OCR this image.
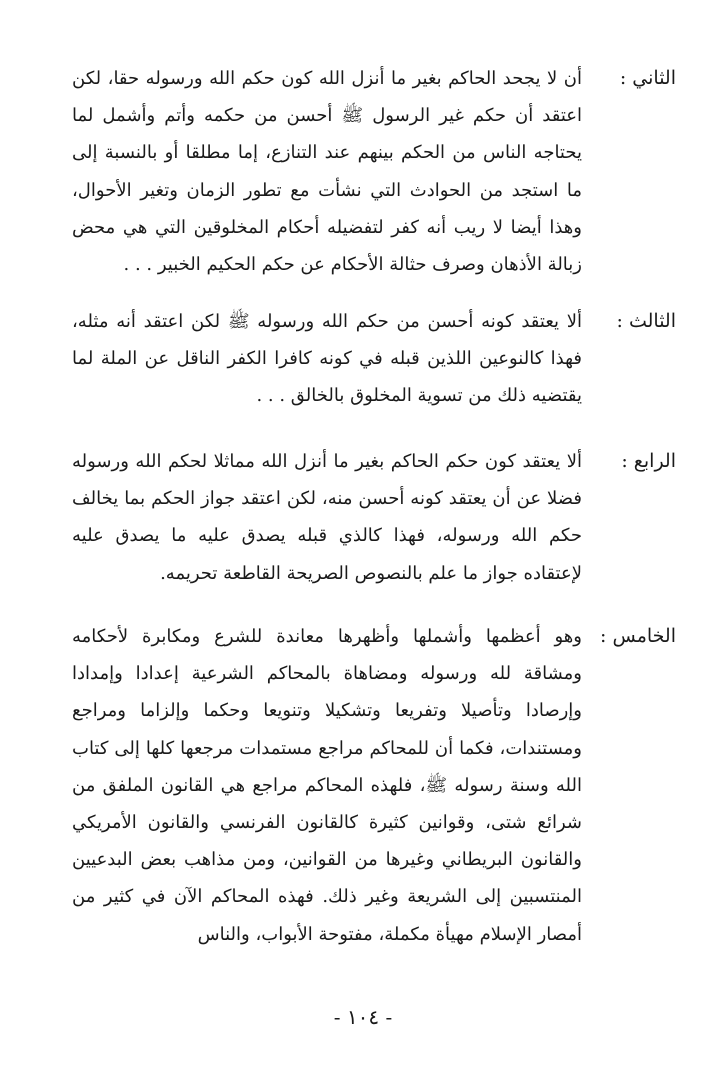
الثاني :
أن لا يجحد الحاكم بغير ما أنزل الله كون حكم الله ورسوله حقا، لكن اعتقد أن حكم غير الرسول ﷺ أحسن من حكمه وأتم وأشمل لما يحتاجه الناس من الحكم بينهم عند التنازع، إما مطلقا أو بالنسبة إلى ما استجد من الحوادث التي نشأت مع تطور الزمان وتغير الأحوال، وهذا أيضا لا ريب أنه كفر لتفضيله أحكام المخلوقين التي هي محض زبالة الأذهان وصرف حثالة الأحكام عن حكم الحكيم الخبير . . .
الثالث :
ألا يعتقد كونه أحسن من حكم الله ورسوله ﷺ لكن اعتقد أنه مثله، فهذا كالنوعين اللذين قبله في كونه كافرا الكفر الناقل عن الملة لما يقتضيه ذلك من تسوية المخلوق بالخالق . . .
الرابع :
ألا يعتقد كون حكم الحاكم بغير ما أنزل الله مماثلا لحكم الله ورسوله فضلا عن أن يعتقد كونه أحسن منه، لكن اعتقد جواز الحكم بما يخالف حكم الله ورسوله، فهذا كالذي قبله يصدق عليه ما يصدق عليه لإعتقاده جواز ما علم بالنصوص الصريحة القاطعة تحريمه.
الخامس :
وهو أعظمها وأشملها وأظهرها معاندة للشرع ومكابرة لأحكامه ومشاقة لله ورسوله ومضاهاة بالمحاكم الشرعية إعدادا وإمدادا وإرصادا وتأصيلا وتفريعا وتشكيلا وتنويعا وحكما وإلزاما ومراجع ومستندات، فكما أن للمحاكم مراجع مستمدات مرجعها كلها إلى كتاب الله وسنة رسوله ﷺ، فلهذه المحاكم مراجع هي القانون الملفق من شرائع شتى، وقوانين كثيرة كالقانون الفرنسي والقانون الأمريكي والقانون البريطاني وغيرها من القوانين، ومن مذاهب بعض البدعيين المنتسبين إلى الشريعة وغير ذلك. فهذه المحاكم الآن في كثير من أمصار الإسلام مهيأة مكملة، مفتوحة الأبواب، والناس
- ١٠٤ -
